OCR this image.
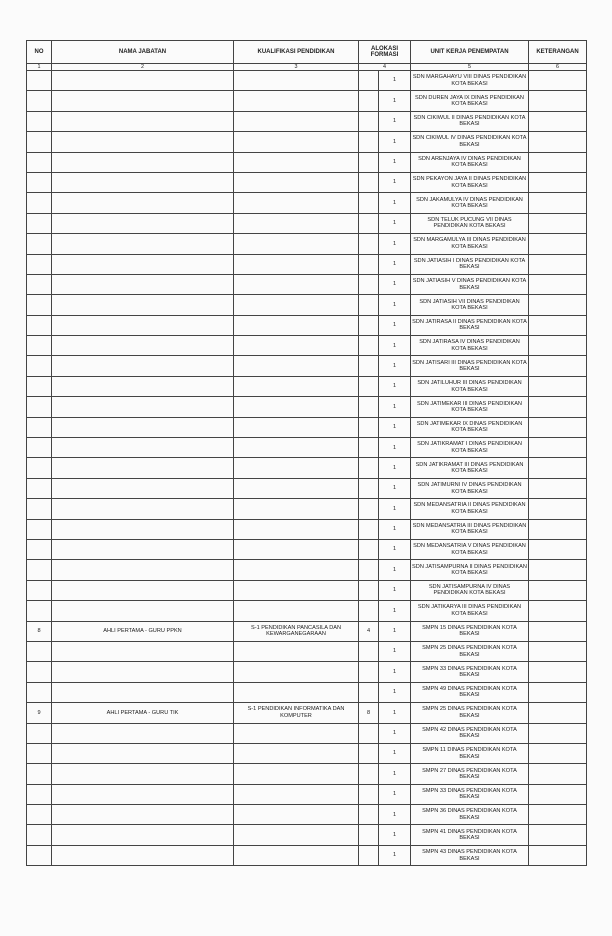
NO	NAMA JABATAN	KUALIFIKASI PENDIDIKAN	ALOKASI FORMASI		UNIT KERJA PENEMPATAN	KETERANGAN
1	2	3	4		5	6
				1	SDN MARGAHAYU VIII DINAS PENDIDIKAN KOTA BEKASI	
				1	SDN DUREN JAYA IX DINAS PENDIDIKAN KOTA BEKASI	
				1	SDN CIKIWUL II DINAS PENDIDIKAN KOTA BEKASI	
				1	SDN CIKIWUL IV DINAS PENDIDIKAN KOTA BEKASI	
				1	SDN ARENJAYA IV DINAS PENDIDIKAN KOTA BEKASI	
				1	SDN PEKAYON JAYA II DINAS PENDIDIKAN KOTA BEKASI	
				1	SDN JAKAMULYA IV DINAS PENDIDIKAN KOTA BEKASI	
				1	SDN TELUK PUCUNG VII DINAS PENDIDIKAN KOTA BEKASI	
				1	SDN MARGAMULYA III DINAS PENDIDIKAN KOTA BEKASI	
				1	SDN JATIASIH I DINAS PENDIDIKAN KOTA BEKASI	
				1	SDN JATIASIH V DINAS PENDIDIKAN KOTA BEKASI	
				1	SDN JATIASIH VII DINAS PENDIDIKAN KOTA BEKASI	
				1	SDN JATIRASA II DINAS PENDIDIKAN KOTA BEKASI	
				1	SDN JATIRASA IV DINAS PENDIDIKAN KOTA BEKASI	
				1	SDN JATISARI III DINAS PENDIDIKAN KOTA BEKASI	
				1	SDN JATILUHUR III DINAS PENDIDIKAN KOTA BEKASI	
				1	SDN JATIMEKAR III DINAS PENDIDIKAN KOTA BEKASI	
				1	SDN JATIMEKAR IX DINAS PENDIDIKAN KOTA BEKASI	
				1	SDN JATIKRAMAT I DINAS PENDIDIKAN KOTA BEKASI	
				1	SDN JATIKRAMAT III DINAS PENDIDIKAN KOTA BEKASI	
				1	SDN JATIMURNI IV DINAS PENDIDIKAN KOTA BEKASI	
				1	SDN MEDANSATRIA II DINAS PENDIDIKAN KOTA BEKASI	
				1	SDN MEDANSATRIA III DINAS PENDIDIKAN KOTA BEKASI	
				1	SDN MEDANSATRIA V DINAS PENDIDIKAN KOTA BEKASI	
				1	SDN JATISAMPURNA II DINAS PENDIDIKAN KOTA BEKASI	
				1	SDN JATISAMPURNA IV DINAS PENDIDIKAN KOTA BEKASI	
				1	SDN JATIKARYA III DINAS PENDIDIKAN KOTA BEKASI	
8	AHLI PERTAMA - GURU PPKN	S-1 PENDIDIKAN PANCASILA DAN KEWARGANEGARAAN	4	1	SMPN 15 DINAS PENDIDIKAN KOTA BEKASI	
				1	SMPN 25 DINAS PENDIDIKAN KOTA BEKASI	
				1	SMPN 33 DINAS PENDIDIKAN KOTA BEKASI	
				1	SMPN 49 DINAS PENDIDIKAN KOTA BEKASI	
9	AHLI PERTAMA - GURU TIK	S-1 PENDIDIKAN INFORMATIKA DAN KOMPUTER	8	1	SMPN 25 DINAS PENDIDIKAN KOTA BEKASI	
				1	SMPN 42 DINAS PENDIDIKAN KOTA BEKASI	
				1	SMPN 11 DINAS PENDIDIKAN KOTA BEKASI	
				1	SMPN 27 DINAS PENDIDIKAN KOTA BEKASI	
				1	SMPN 33 DINAS PENDIDIKAN KOTA BEKASI	
				1	SMPN 36 DINAS PENDIDIKAN KOTA BEKASI	
				1	SMPN 41 DINAS PENDIDIKAN KOTA BEKASI	
				1	SMPN 43 DINAS PENDIDIKAN KOTA BEKASI	
